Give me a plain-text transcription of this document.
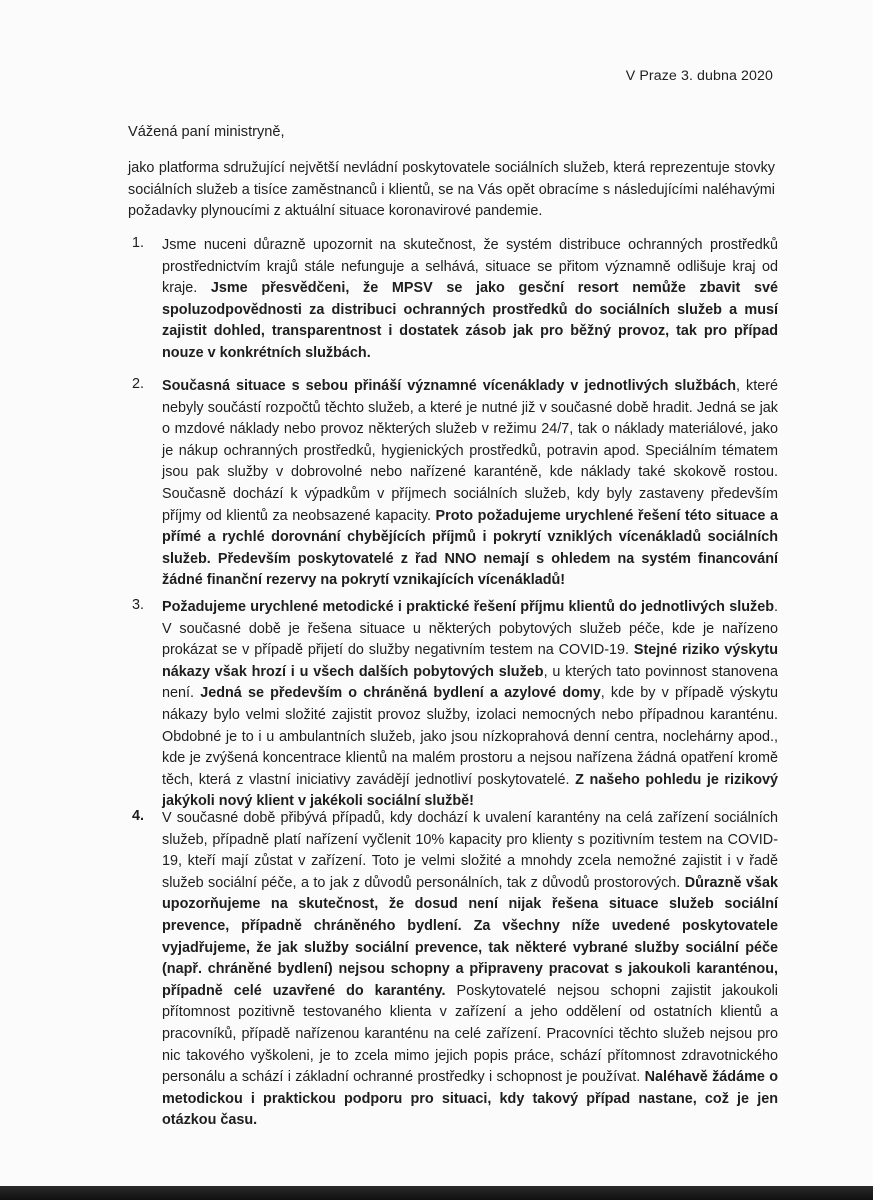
V Praze 3. dubna 2020
Vážená paní ministryně,

jako platforma sdružující největší nevládní poskytovatele sociálních služeb, která reprezentuje stovky sociálních služeb a tisíce zaměstnanců i klientů, se na Vás opět obracíme s následujícími naléhavými požadavky plynoucími z aktuální situace koronavirové pandemie.

1.	Jsme nuceni důrazně upozornit na skutečnost, že systém distribuce ochranných prostředků prostřednictvím krajů stále nefunguje a selhává, situace se přitom významně odlišuje kraj od kraje. Jsme přesvědčeni, že MPSV se jako gesční resort nemůže zbavit své spoluzodpovědnosti za distribuci ochranných prostředků do sociálních služeb a musí zajistit dohled, transparentnost i dostatek zásob jak pro běžný provoz, tak pro případ nouze v konkrétních službách.

2.	Současná situace s sebou přináší významné vícenáklady v jednotlivých službách, které nebyly součástí rozpočtů těchto služeb, a které je nutné již v současné době hradit. Jedná se jak o mzdové náklady nebo provoz některých služeb v režimu 24/7, tak o náklady materiálové, jako je nákup ochranných prostředků, hygienických prostředků, potravin apod. Speciálním tématem jsou pak služby v dobrovolné nebo nařízené karanténě, kde náklady také skokově rostou. Současně dochází k výpadkům v příjmech sociálních služeb, kdy byly zastaveny především příjmy od klientů za neobsazené kapacity. Proto požadujeme urychlené řešení této situace a přímé a rychlé dorovnání chybějících příjmů i pokrytí vzniklých vícenákladů sociálních služeb. Především poskytovatelé z řad NNO nemají s ohledem na systém financování žádné finanční rezervy na pokrytí vznikajících vícenákladů!

3.	Požadujeme urychlené metodické i praktické řešení příjmu klientů do jednotlivých služeb. V současné době je řešena situace u některých pobytových služeb péče, kde je nařízeno prokázat se v případě přijetí do služby negativním testem na COVID-19. Stejné riziko výskytu nákazy však hrozí i u všech dalších pobytových služeb, u kterých tato povinnost stanovena není. Jedná se především o chráněná bydlení a azylové domy, kde by v případě výskytu nákazy bylo velmi složité zajistit provoz služby, izolaci nemocných nebo případnou karanténu. Obdobné je to i u ambulantních služeb, jako jsou nízkoprahová denní centra, noclehárny apod., kde je zvýšená koncentrace klientů na malém prostoru a nejsou nařízena žádná opatření kromě těch, která z vlastní iniciativy zavádějí jednotliví poskytovatelé. Z našeho pohledu je rizikový jakýkoli nový klient v jakékoli sociální službě!

4.	V současné době přibývá případů, kdy dochází k uvalení karantény na celá zařízení sociálních služeb, případně platí nařízení vyčlenit 10% kapacity pro klienty s pozitivním testem na COVID-19, kteří mají zůstat v zařízení. Toto je velmi složité a mnohdy zcela nemožné zajistit i v řadě služeb sociální péče, a to jak z důvodů personálních, tak z důvodů prostorových. Důrazně však upozorňujeme na skutečnost, že dosud není nijak řešena situace služeb sociální prevence, případně chráněného bydlení. Za všechny níže uvedené poskytovatele vyjadřujeme, že jak služby sociální prevence, tak některé vybrané služby sociální péče (např. chráněné bydlení) nejsou schopny a připraveny pracovat s jakoukoli karanténou, případně celé uzavřené do karantény. Poskytovatelé nejsou schopni zajistit jakoukoli přítomnost pozitivně testovaného klienta v zařízení a jeho oddělení od ostatních klientů a pracovníků, případě nařízenou karanténu na celé zařízení. Pracovníci těchto služeb nejsou pro nic takového vyškoleni, je to zcela mimo jejich popis práce, schází přítomnost zdravotnického personálu a schází i základní ochranné prostředky i schopnost je používat. Naléhavě žádáme o metodickou i praktickou podporu pro situaci, kdy takový případ nastane, což je jen otázkou času.
